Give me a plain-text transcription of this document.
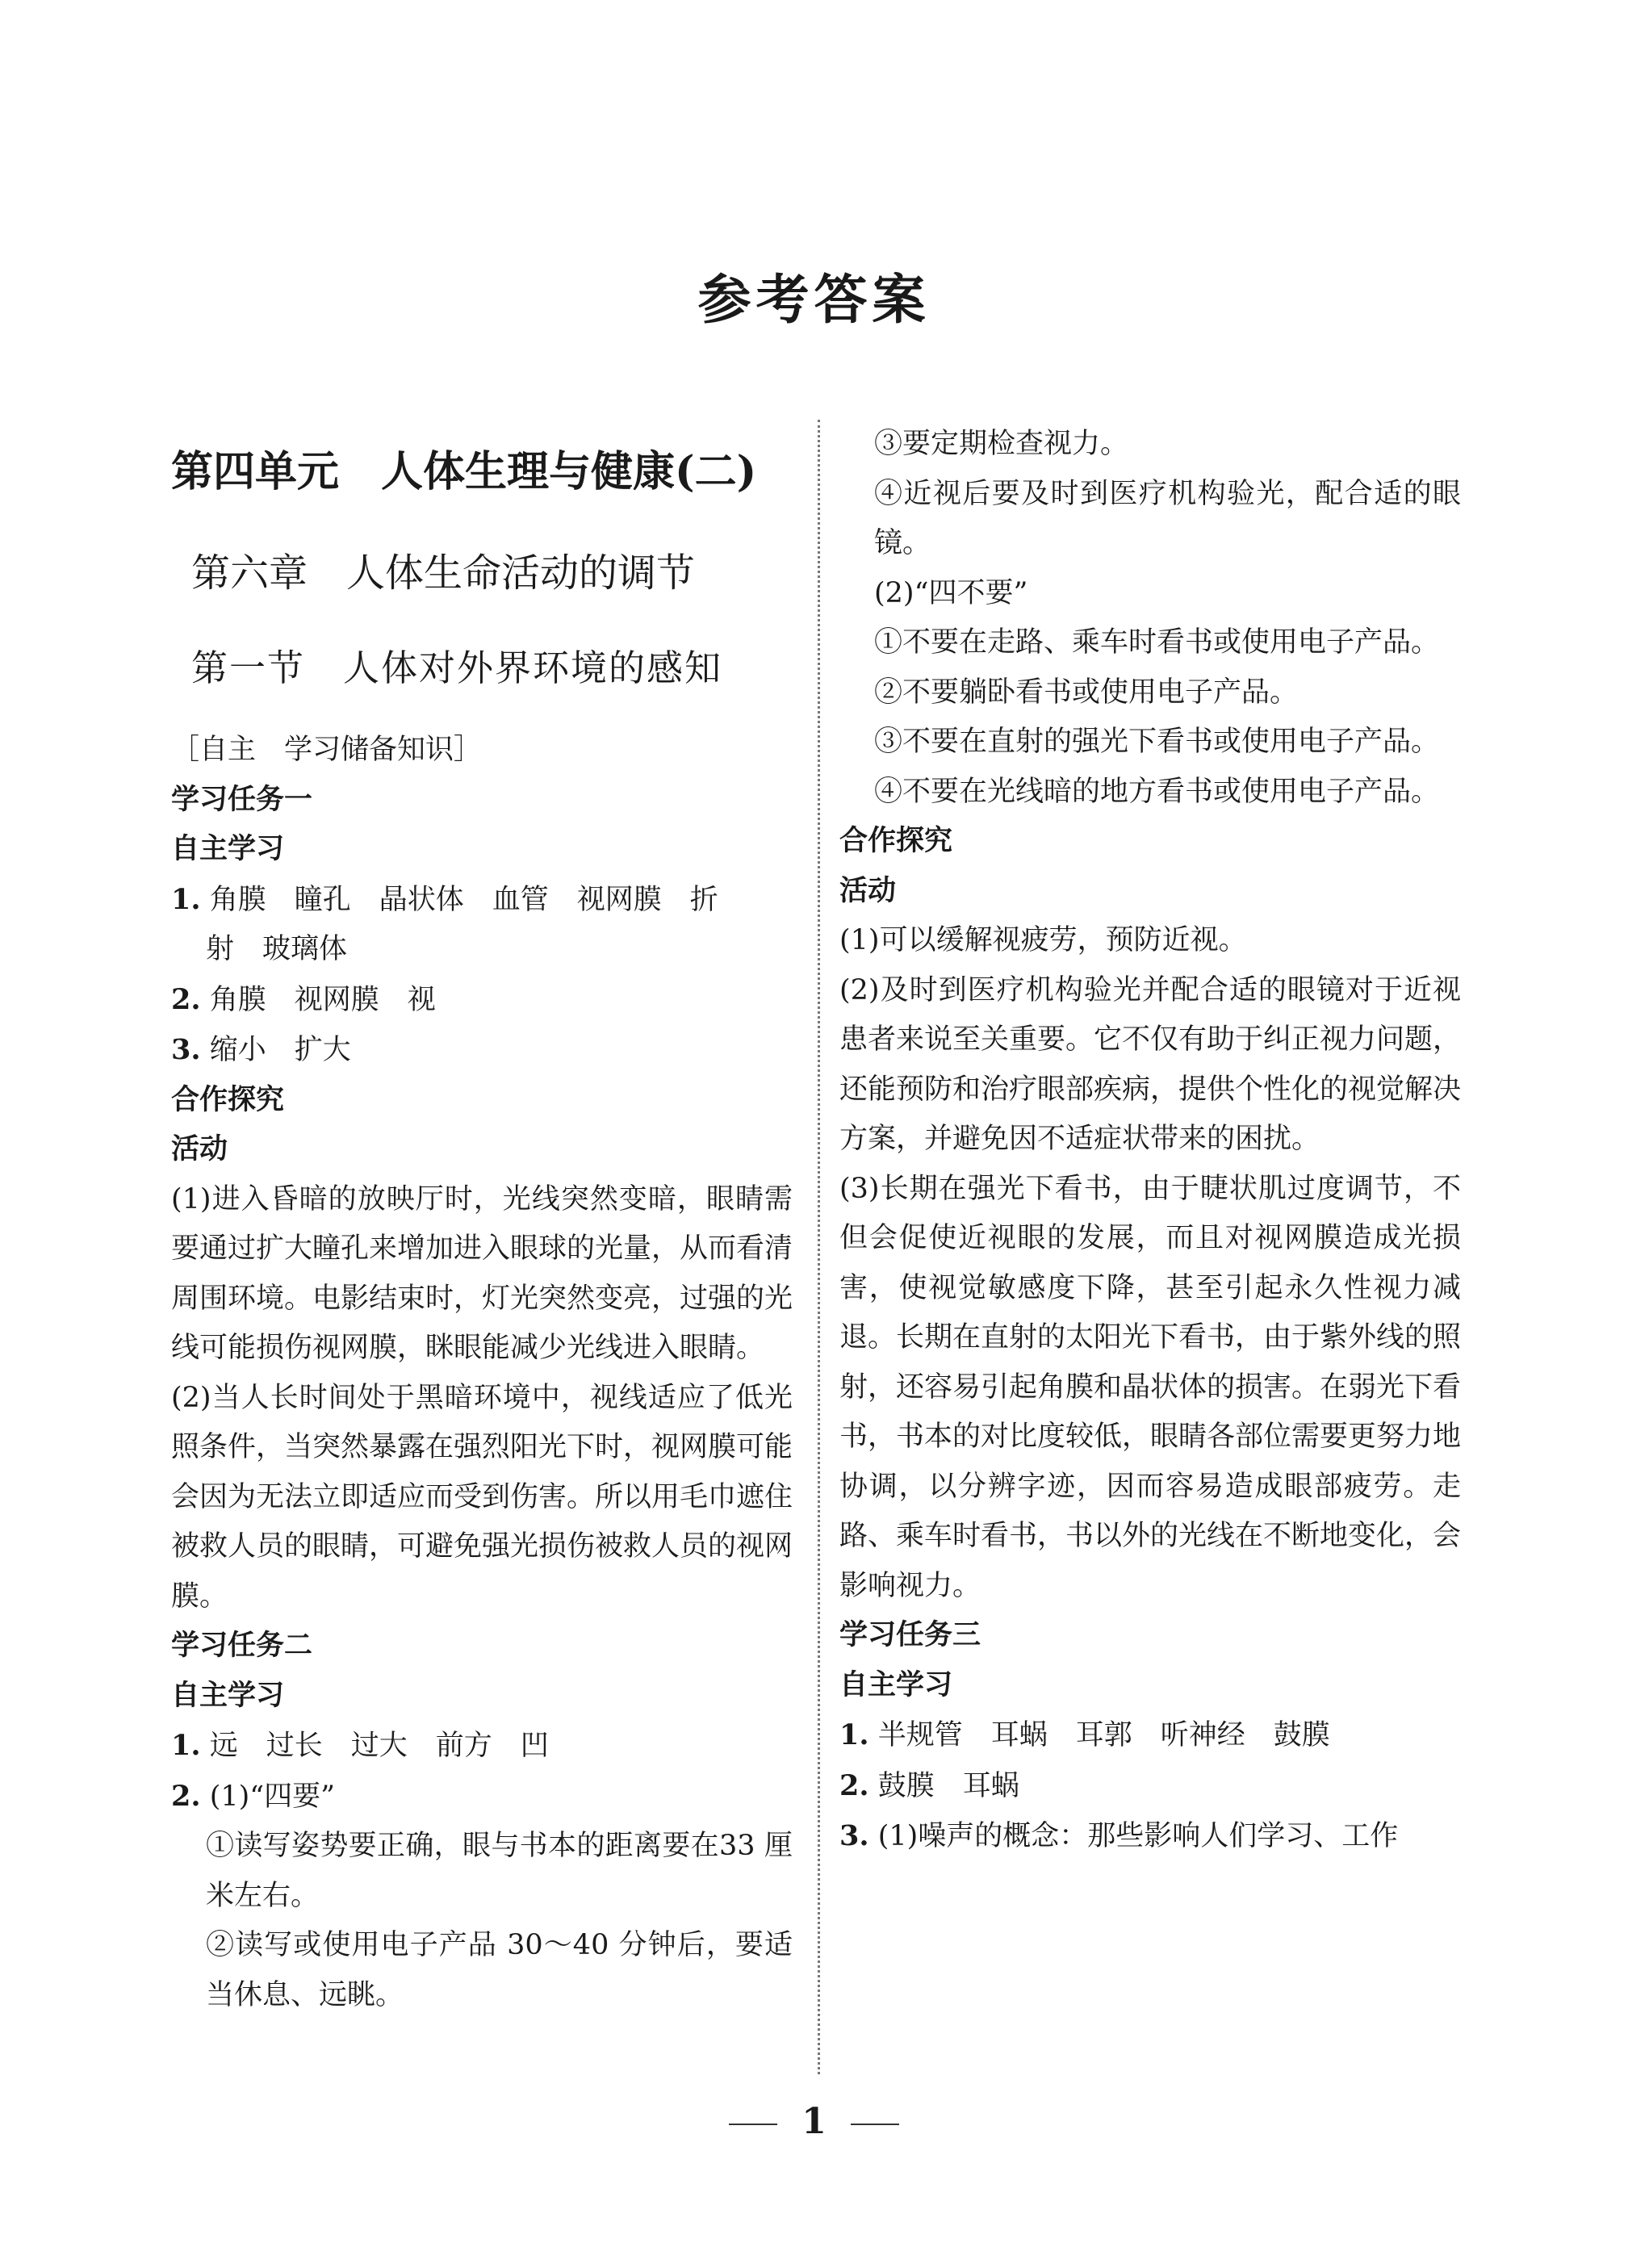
参考答案
第四单元　人体生理与健康(二)
第六章　人体生命活动的调节
第一节　人体对外界环境的感知
［自主　学习储备知识］
学习任务一
自主学习
1. 角膜　瞳孔　晶状体　血管　视网膜　折
射　玻璃体
2. 角膜　视网膜　视
3. 缩小　扩大
合作探究
活动
(1)进入昏暗的放映厅时，光线突然变暗，眼睛需要通过扩大瞳孔来增加进入眼球的光量，从而看清周围环境。电影结束时，灯光突然变亮，过强的光线可能损伤视网膜，眯眼能减少光线进入眼睛。
(2)当人长时间处于黑暗环境中，视线适应了低光照条件，当突然暴露在强烈阳光下时，视网膜可能会因为无法立即适应而受到伤害。所以用毛巾遮住被救人员的眼睛，可避免强光损伤被救人员的视网膜。
学习任务二
自主学习
1. 远　过长　过大　前方　凹
2. (1)“四要”
①读写姿势要正确，眼与书本的距离要在33 厘米左右。
②读写或使用电子产品 30～40 分钟后，要适当休息、远眺。
③要定期检查视力。
④近视后要及时到医疗机构验光，配合适的眼镜。
(2)“四不要”
①不要在走路、乘车时看书或使用电子产品。
②不要躺卧看书或使用电子产品。
③不要在直射的强光下看书或使用电子产品。
④不要在光线暗的地方看书或使用电子产品。
合作探究
活动
(1)可以缓解视疲劳，预防近视。
(2)及时到医疗机构验光并配合适的眼镜对于近视患者来说至关重要。它不仅有助于纠正视力问题，还能预防和治疗眼部疾病，提供个性化的视觉解决方案，并避免因不适症状带来的困扰。
(3)长期在强光下看书，由于睫状肌过度调节，不但会促使近视眼的发展，而且对视网膜造成光损害，使视觉敏感度下降，甚至引起永久性视力减退。长期在直射的太阳光下看书，由于紫外线的照射，还容易引起角膜和晶状体的损害。在弱光下看书，书本的对比度较低，眼睛各部位需要更努力地协调，以分辨字迹，因而容易造成眼部疲劳。走路、乘车时看书，书以外的光线在不断地变化，会影响视力。
学习任务三
自主学习
1. 半规管　耳蜗　耳郭　听神经　鼓膜
2. 鼓膜　耳蜗
3. (1)噪声的概念：那些影响人们学习、工作
1
